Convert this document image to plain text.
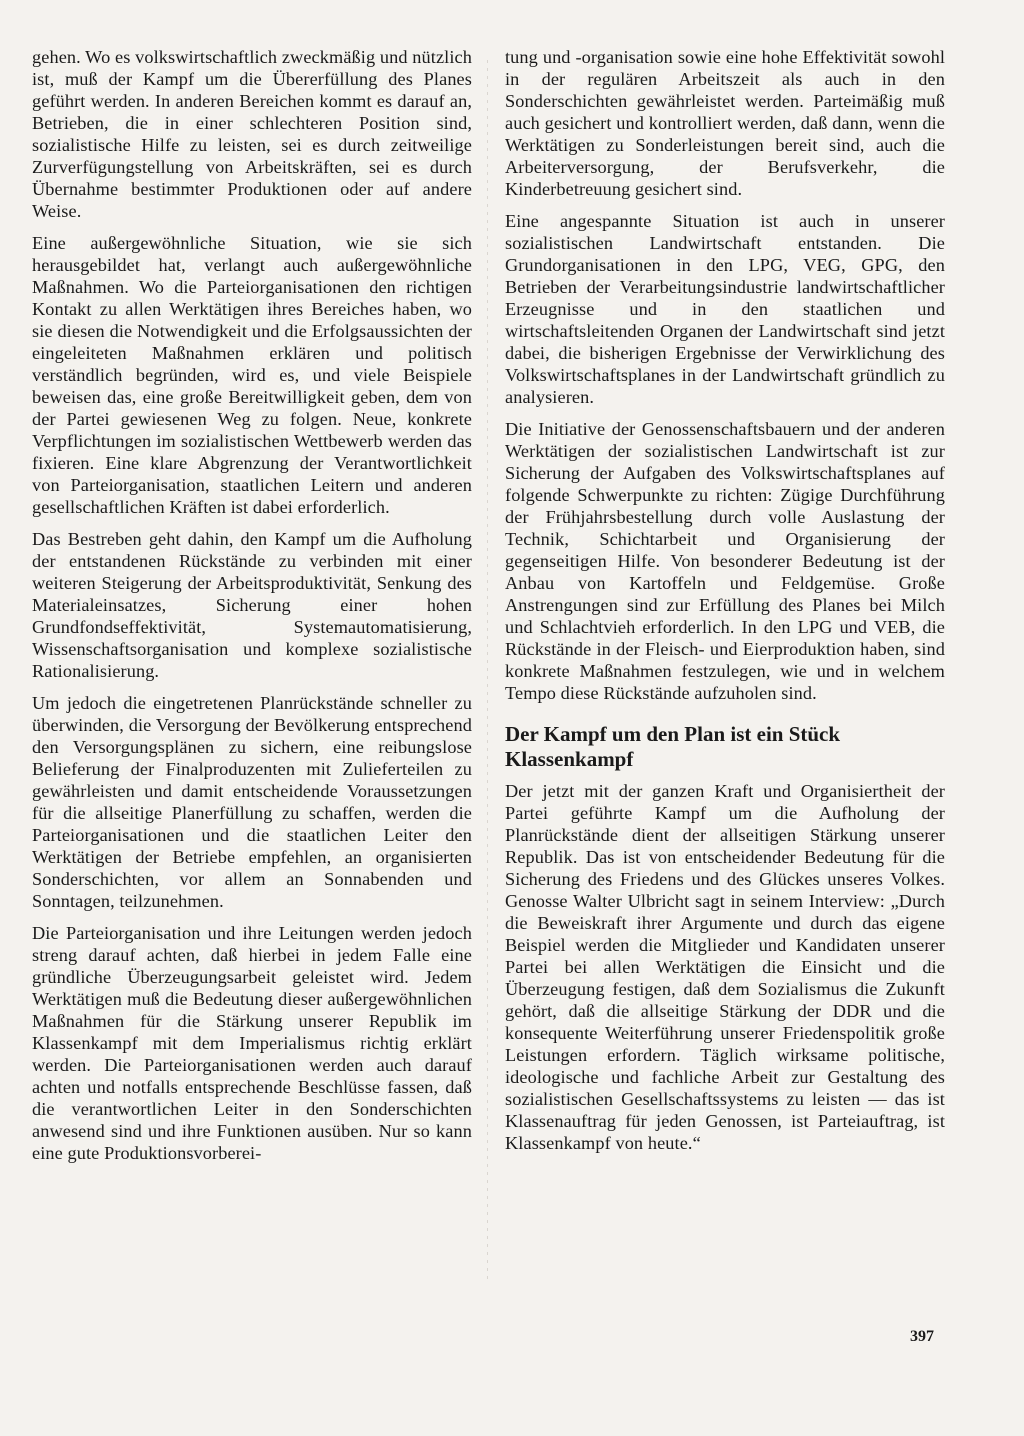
gehen. Wo es volkswirtschaftlich zweckmäßig und nützlich ist, muß der Kampf um die Übererfüllung des Planes geführt werden. In anderen Bereichen kommt es darauf an, Betrieben, die in einer schlechteren Position sind, sozialistische Hilfe zu leisten, sei es durch zeitweilige Zurverfügungstellung von Arbeitskräften, sei es durch Übernahme bestimmter Produktionen oder auf andere Weise.

Eine außergewöhnliche Situation, wie sie sich herausgebildet hat, verlangt auch außergewöhnliche Maßnahmen. Wo die Parteiorganisationen den richtigen Kontakt zu allen Werktätigen ihres Bereiches haben, wo sie diesen die Notwendigkeit und die Erfolgsaussichten der eingeleiteten Maßnahmen erklären und politisch verständlich begründen, wird es, und viele Beispiele beweisen das, eine große Bereitwilligkeit geben, dem von der Partei gewiesenen Weg zu folgen. Neue, konkrete Verpflichtungen im sozialistischen Wettbewerb werden das fixieren. Eine klare Abgrenzung der Verantwortlichkeit von Parteiorganisation, staatlichen Leitern und anderen gesellschaftlichen Kräften ist dabei erforderlich.

Das Bestreben geht dahin, den Kampf um die Aufholung der entstandenen Rückstände zu verbinden mit einer weiteren Steigerung der Arbeitsproduktivität, Senkung des Materialeinsatzes, Sicherung einer hohen Grundfondseffektivität, Systemautomatisierung, Wissenschaftsorganisation und komplexe sozialistische Rationalisierung.

Um jedoch die eingetretenen Planrückstände schneller zu überwinden, die Versorgung der Bevölkerung entsprechend den Versorgungsplänen zu sichern, eine reibungslose Belieferung der Finalproduzenten mit Zulieferteilen zu gewährleisten und damit entscheidende Voraussetzungen für die allseitige Planerfüllung zu schaffen, werden die Parteiorganisationen und die staatlichen Leiter den Werktätigen der Betriebe empfehlen, an organisierten Sonderschichten, vor allem an Sonnabenden und Sonntagen, teilzunehmen.

Die Parteiorganisation und ihre Leitungen werden jedoch streng darauf achten, daß hierbei in jedem Falle eine gründliche Überzeugungsarbeit geleistet wird. Jedem Werktätigen muß die Bedeutung dieser außergewöhnlichen Maßnahmen für die Stärkung unserer Republik im Klassenkampf mit dem Imperialismus richtig erklärt werden. Die Parteiorganisationen werden auch darauf achten und notfalls entsprechende Beschlüsse fassen, daß die verantwortlichen Leiter in den Sonderschichten anwesend sind und ihre Funktionen ausüben. Nur so kann eine gute Produktionsvorberei-

tung und -organisation sowie eine hohe Effektivität sowohl in der regulären Arbeitszeit als auch in den Sonderschichten gewährleistet werden. Parteimäßig muß auch gesichert und kontrolliert werden, daß dann, wenn die Werktätigen zu Sonderleistungen bereit sind, auch die Arbeiterversorgung, der Berufsverkehr, die Kinderbetreuung gesichert sind.

Eine angespannte Situation ist auch in unserer sozialistischen Landwirtschaft entstanden. Die Grundorganisationen in den LPG, VEG, GPG, den Betrieben der Verarbeitungsindustrie landwirtschaftlicher Erzeugnisse und in den staatlichen und wirtschaftsleitenden Organen der Landwirtschaft sind jetzt dabei, die bisherigen Ergebnisse der Verwirklichung des Volkswirtschaftsplanes in der Landwirtschaft gründlich zu analysieren.

Die Initiative der Genossenschaftsbauern und der anderen Werktätigen der sozialistischen Landwirtschaft ist zur Sicherung der Aufgaben des Volkswirtschaftsplanes auf folgende Schwerpunkte zu richten: Zügige Durchführung der Frühjahrsbestellung durch volle Auslastung der Technik, Schichtarbeit und Organisierung der gegenseitigen Hilfe. Von besonderer Bedeutung ist der Anbau von Kartoffeln und Feldgemüse. Große Anstrengungen sind zur Erfüllung des Planes bei Milch und Schlachtvieh erforderlich. In den LPG und VEB, die Rückstände in der Fleisch- und Eierproduktion haben, sind konkrete Maßnahmen festzulegen, wie und in welchem Tempo diese Rückstände aufzuholen sind.

Der Kampf um den Plan ist ein Stück Klassenkampf

Der jetzt mit der ganzen Kraft und Organisiertheit der Partei geführte Kampf um die Aufholung der Planrückstände dient der allseitigen Stärkung unserer Republik. Das ist von entscheidender Bedeutung für die Sicherung des Friedens und des Glückes unseres Volkes. Genosse Walter Ulbricht sagt in seinem Interview: „Durch die Beweiskraft ihrer Argumente und durch das eigene Beispiel werden die Mitglieder und Kandidaten unserer Partei bei allen Werktätigen die Einsicht und die Überzeugung festigen, daß dem Sozialismus die Zukunft gehört, daß die allseitige Stärkung der DDR und die konsequente Weiterführung unserer Friedenspolitik große Leistungen erfordern. Täglich wirksame politische, ideologische und fachliche Arbeit zur Gestaltung des sozialistischen Gesellschaftssystems zu leisten — das ist Klassenauftrag für jeden Genossen, ist Parteiauftrag, ist Klassenkampf von heute.“

397
